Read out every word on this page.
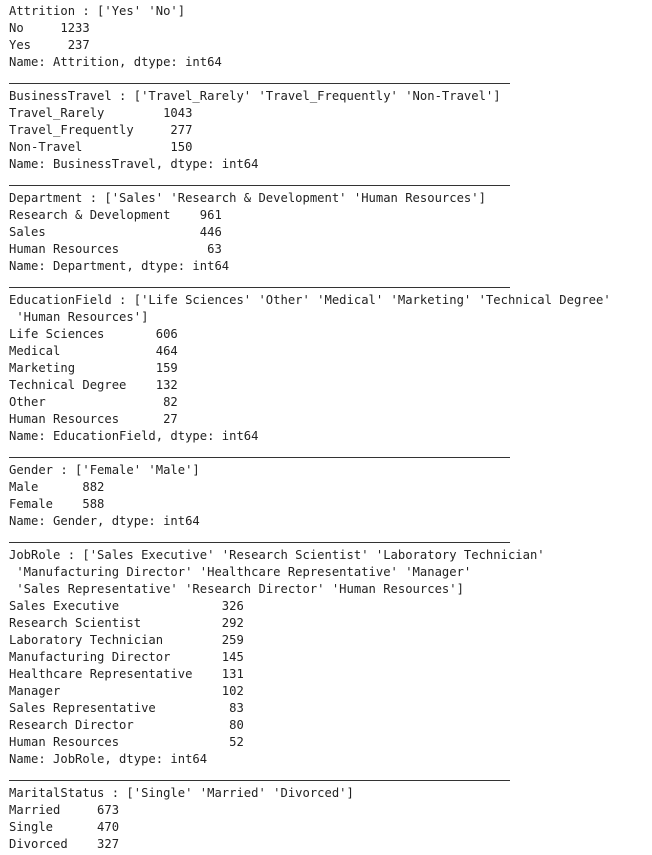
Attrition : ['Yes' 'No']
No     1233
Yes     237
Name: Attrition, dtype: int64
BusinessTravel : ['Travel_Rarely' 'Travel_Frequently' 'Non-Travel']
Travel_Rarely        1043
Travel_Frequently     277
Non-Travel            150
Name: BusinessTravel, dtype: int64
Department : ['Sales' 'Research & Development' 'Human Resources']
Research & Development    961
Sales                     446
Human Resources            63
Name: Department, dtype: int64
EducationField : ['Life Sciences' 'Other' 'Medical' 'Marketing' 'Technical Degree'
'Human Resources']
Life Sciences       606
Medical             464
Marketing           159
Technical Degree    132
Other                82
Human Resources      27
Name: EducationField, dtype: int64
Gender : ['Female' 'Male']
Male      882
Female    588
Name: Gender, dtype: int64
JobRole : ['Sales Executive' 'Research Scientist' 'Laboratory Technician'
'Manufacturing Director' 'Healthcare Representative' 'Manager'
'Sales Representative' 'Research Director' 'Human Resources']
Sales Executive              326
Research Scientist           292
Laboratory Technician        259
Manufacturing Director       145
Healthcare Representative    131
Manager                      102
Sales Representative          83
Research Director             80
Human Resources               52
Name: JobRole, dtype: int64
MaritalStatus : ['Single' 'Married' 'Divorced']
Married     673
Single      470
Divorced    327
